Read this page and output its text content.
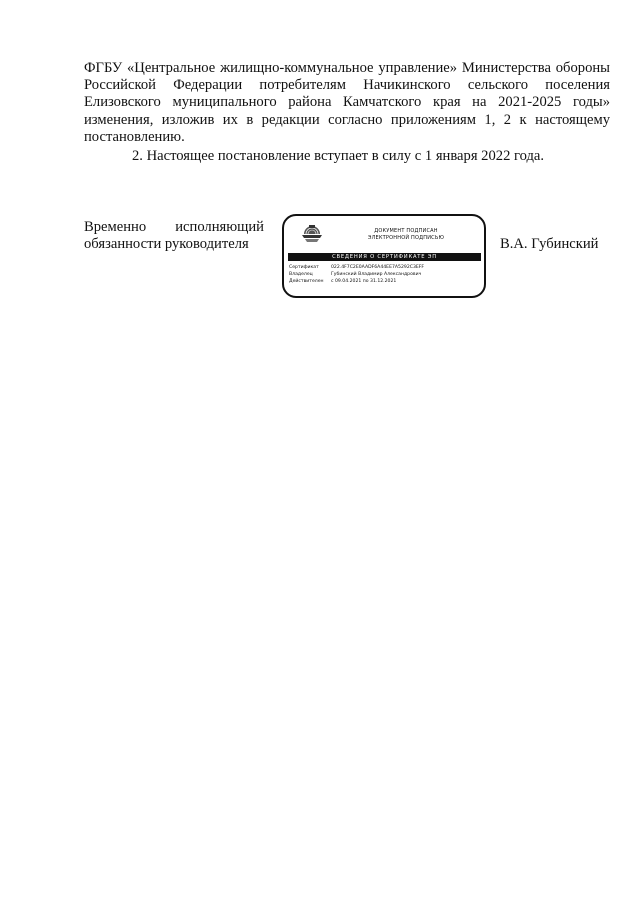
ФГБУ «Центральное жилищно-коммунальное управление» Министерства обороны Российской Федерации потребителям Начикинского сельского поселения Елизовского муниципального района Камчатского края на 2021-2025 годы» изменения, изложив их в редакции согласно приложениям 1, 2 к настоящему постановлению.
2. Настоящее постановление вступает в силу с 1 января 2022 года.
Временно исполняющий
обязанности руководителя
ДОКУМЕНТ ПОДПИСАН
ЭЛЕКТРОННОЙ ПОДПИСЬЮ
СВЕДЕНИЯ О СЕРТИФИКАТЕ ЭП
Сертификат	022.4F7C2E0AADF6A44EE7A5292C3EFF
Владелец	Губинский Владимир Александрович
Действителен	с 09.04.2021 по 31.12.2021
В.А. Губинский
